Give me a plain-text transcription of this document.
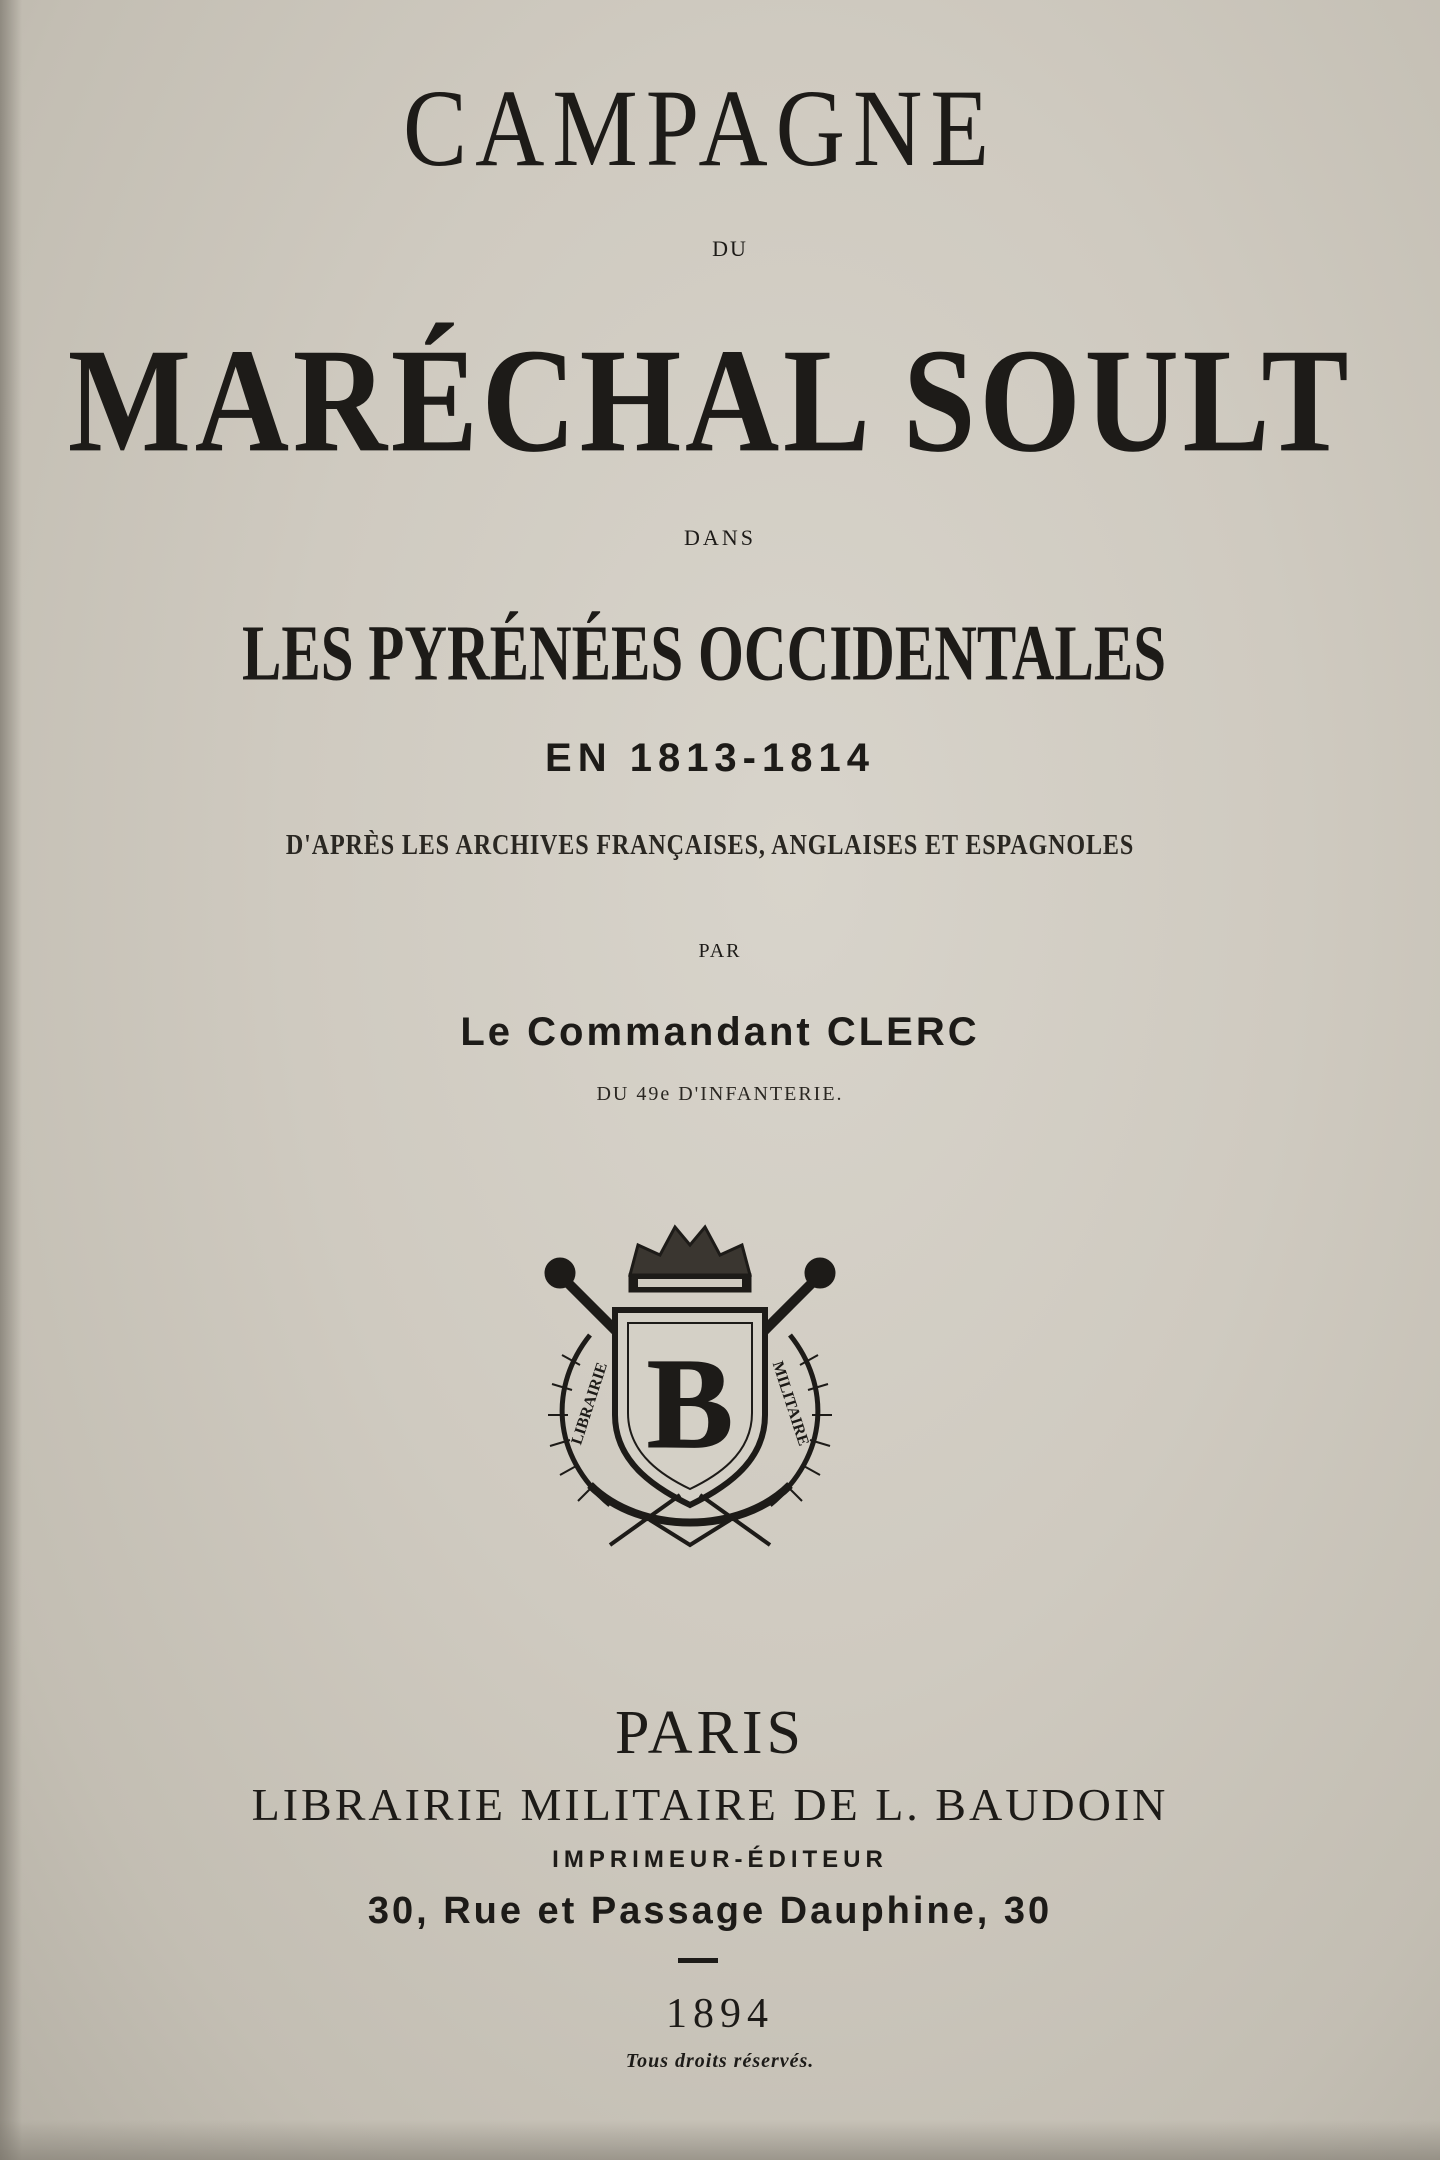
CAMPAGNE
DU
MARÉCHAL SOULT
DANS
LES PYRÉNÉES OCCIDENTALES
EN 1813-1814
D'APRÈS LES ARCHIVES FRANÇAISES, ANGLAISES ET ESPAGNOLES
PAR
Le Commandant CLERC
DU 49e D'INFANTERIE.
B
LIBRAIRIE	MILITAIRE
PARIS
LIBRAIRIE MILITAIRE DE L. BAUDOIN
IMPRIMEUR-ÉDITEUR
30, Rue et Passage Dauphine, 30
1894
Tous droits réservés.
